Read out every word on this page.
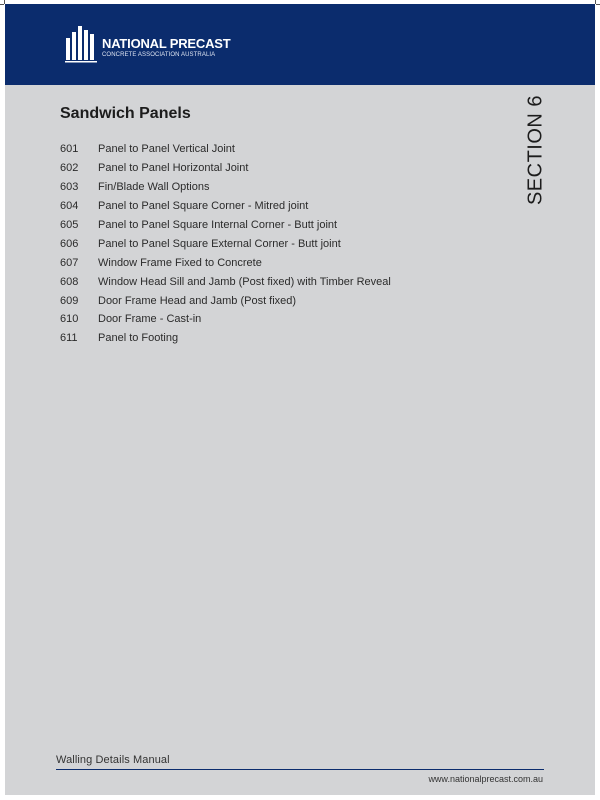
NATIONAL PRECAST
CONCRETE ASSOCIATION AUSTRALIA
Sandwich Panels	SECTION 6
601	Panel to Panel Vertical Joint
602	Panel to Panel Horizontal Joint
603	Fin/Blade Wall Options
604	Panel to Panel Square Corner - Mitred joint
605	Panel to Panel Square Internal Corner - Butt joint
606	Panel to Panel Square External Corner - Butt joint
607	Window Frame Fixed to Concrete
608	Window Head Sill and Jamb (Post fixed) with Timber Reveal
609	Door Frame Head and Jamb (Post fixed)
610	Door Frame - Cast-in
611	Panel to Footing
Walling Details Manual
www.nationalprecast.com.au
